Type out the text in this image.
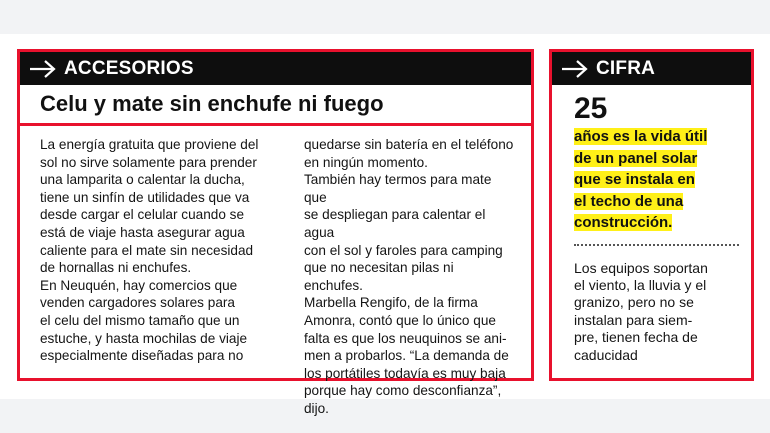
ACCESORIOS
Celu y mate sin enchufe ni fuego

La energía gratuita que proviene del

sol no sirve solamente para prender

una lamparita o calentar la ducha,

tiene un sinfín de utilidades que va

desde cargar el celular cuando se

está de viaje hasta asegurar agua

caliente para el mate sin necesidad

de hornallas ni enchufes.

En Neuquén, hay comercios que

venden cargadores solares para

el celu del mismo tamaño que un

estuche, y hasta mochilas de viaje

especialmente diseñadas para no

quedarse sin batería en el teléfono

en ningún momento.

También hay termos para mate que

se despliegan para calentar el agua

con el sol y faroles para camping

que no necesitan pilas ni enchufes.

Marbella Rengifo, de la firma

Amonra, contó que lo único que

falta es que los neuquinos se ani-

men a probarlos. “La demanda de

los portátiles todavía es muy baja

porque hay como desconfianza”,

dijo.

CIFRA
25
años es la vida útil
de un panel solar
que se instala en
el techo de una
construcción.
Los equipos soportan
el viento, la lluvia y el
granizo, pero no se
instalan para siem-
pre, tienen fecha de
caducidad
